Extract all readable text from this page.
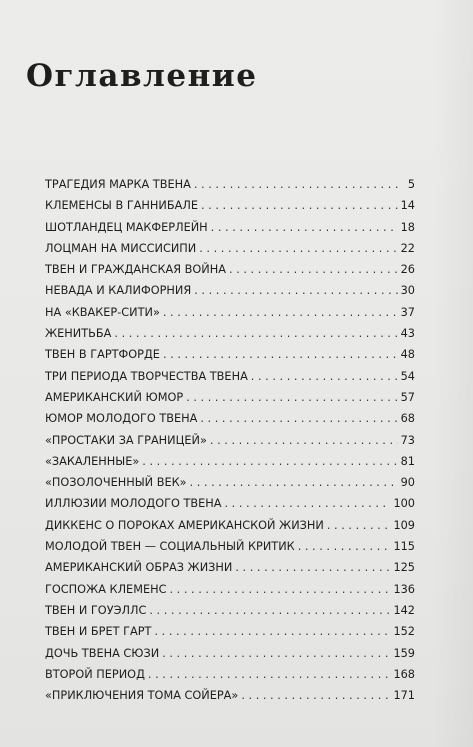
Оглавление
ТРАГЕДИЯ МАРКА ТВЕНА . . .	5
КЛЕМЕНСЫ В ГАННИБАЛЕ . . .	14
ШОТЛАНДЕЦ МАКФЕРЛЕЙН . . .	18
ЛОЦМАН НА МИССИСИПИ . . .	22
ТВЕН И ГРАЖДАНСКАЯ ВОЙНА . . .	26
НЕВАДА И КАЛИФОРНИЯ . . .	30
НА «КВАКЕР-СИТИ» . . .	37
ЖЕНИТЬБА . . .	43
ТВЕН В ГАРТФОРДЕ . . .	48
ТРИ ПЕРИОДА ТВОРЧЕСТВА ТВЕНА . . .	54
АМЕРИКАНСКИЙ ЮМОР . . .	57
ЮМОР МОЛОДОГО ТВЕНА . . .	68
«ПРОСТАКИ ЗА ГРАНИЦЕЙ» . . .	73
«ЗАКАЛЕННЫЕ» . . .	81
«ПОЗОЛОЧЕННЫЙ ВЕК» . . .	90
ИЛЛЮЗИИ МОЛОДОГО ТВЕНА . . .	100
ДИККЕНС О ПОРОКАХ АМЕРИКАНСКОЙ ЖИЗНИ . . .	109
МОЛОДОЙ ТВЕН — СОЦИАЛЬНЫЙ КРИТИК . . .	115
АМЕРИКАНСКИЙ ОБРАЗ ЖИЗНИ . . .	125
ГОСПОЖА КЛЕМЕНС . . .	136
ТВЕН И ГОУЭЛЛС . . .	142
ТВЕН И БРЕТ ГАРТ . . .	152
ДОЧЬ ТВЕНА СЮЗИ . . .	159
ВТОРОЙ ПЕРИОД . . .	168
«ПРИКЛЮЧЕНИЯ ТОМА СОЙЕРА» . . .	171
